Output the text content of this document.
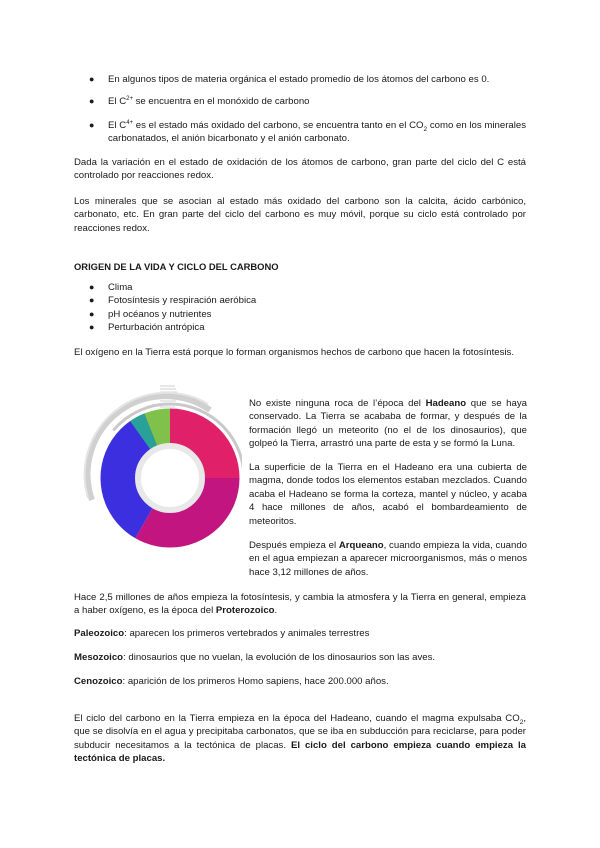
● En algunos tipos de materia orgánica el estado promedio de los átomos del carbono es 0.
● El $C^{2+}$ se encuentra en el monóxido de carbono
● El $C^{4+}$ es el estado más oxidado del carbono, se encuentra tanto en el $CO_2$ como en los minerales carbonatados, el anión bicarbonato y el anión carbonato.

Dada la variación en el estado de oxidación de los átomos de carbono, gran parte del ciclo del C está controlado por reacciones redox.

Los minerales que se asocian al estado más oxidado del carbono son la calcita, ácido carbónico, carbonato, etc. En gran parte del ciclo del carbono es muy móvil, porque su ciclo está controlado por reacciones redox.

ORIGEN DE LA VIDA Y CICLO DEL CARBONO
● Clima
● Fotosíntesis y respiración aeróbica
● pH océanos y nutrientes
● Perturbación antrópica

El oxígeno en la Tierra está porque lo forman organismos hechos de carbono que hacen la fotosíntesis.

No existe ninguna roca de l’época del Hadeano que se haya conservado. La Tierra se acababa de formar, y después de la formación llegó un meteorito (no el de los dinosaurios), que golpeó la Tierra, arrastró una parte de esta y se formó la Luna.

La superficie de la Tierra en el Hadeano era una cubierta de magma, donde todos los elementos estaban mezclados. Cuando acaba el Hadeano se forma la corteza, mantel y núcleo, y acaba 4 hace millones de años, acabó el bombardeamiento de meteoritos.

Después empieza el Arqueano, cuando empieza la vida, cuando en el agua empiezan a aparecer microorganismos, más o menos hace 3,12 millones de años.

Hace 2,5 millones de años empieza la fotosíntesis, y cambia la atmosfera y la Tierra en general, empieza a haber oxígeno, es la época del Proterozoico.

Paleozoico: aparecen los primeros vertebrados y animales terrestres

Mesozoico: dinosaurios que no vuelan, la evolución de los dinosaurios son las aves.

Cenozoico: aparición de los primeros Homo sapiens, hace 200.000 años.

El ciclo del carbono en la Tierra empieza en la época del Hadeano, cuando el magma expulsaba $CO_2$, que se disolvía en el agua y precipitaba carbonatos, que se iba en subducción para reciclarse, para poder subducir necesitamos a la tectónica de placas. El ciclo del carbono empieza cuando empieza la tectónica de placas.
